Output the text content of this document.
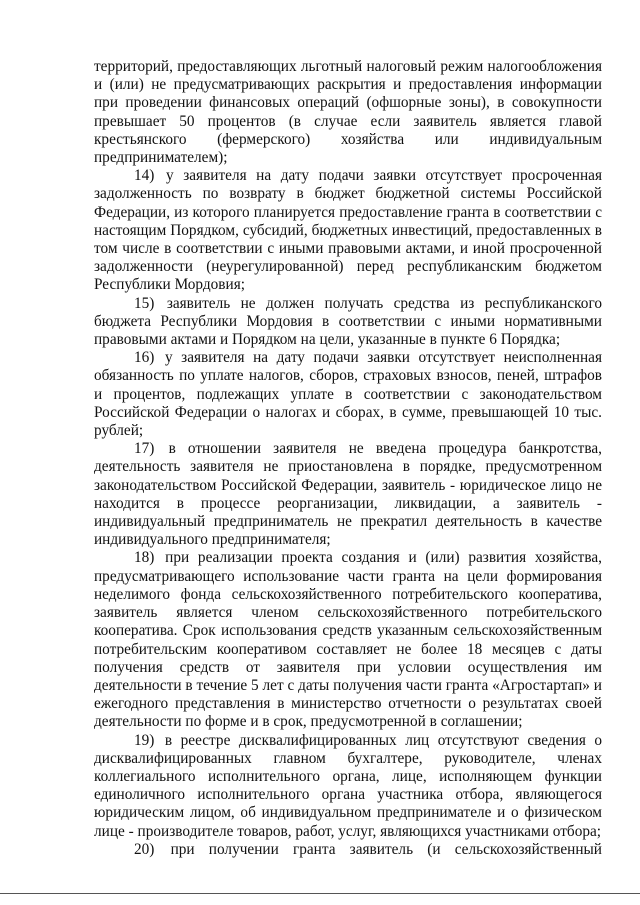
территорий, предоставляющих льготный налоговый режим налогообложения и (или) не предусматривающих раскрытия и предоставления информации при проведении финансовых операций (офшорные зоны), в совокупности превышает 50 процентов (в случае если заявитель является главой крестьянского (фермерского) хозяйства или индивидуальным предпринимателем);

14) у заявителя на дату подачи заявки отсутствует просроченная задолженность по возврату в бюджет бюджетной системы Российской Федерации, из которого планируется предоставление гранта в соответствии с настоящим Порядком, субсидий, бюджетных инвестиций, предоставленных в том числе в соответствии с иными правовыми актами, и иной просроченной задолженности (неурегулированной) перед республиканским бюджетом Республики Мордовия;

15) заявитель не должен получать средства из республиканского бюджета Республики Мордовия в соответствии с иными нормативными правовыми актами и Порядком на цели, указанные в пункте 6 Порядка;

16) у заявителя на дату подачи заявки отсутствует неисполненная обязанность по уплате налогов, сборов, страховых взносов, пеней, штрафов и процентов, подлежащих уплате в соответствии с законодательством Российской Федерации о налогах и сборах, в сумме, превышающей 10 тыс. рублей;

17) в отношении заявителя не введена процедура банкротства, деятельность заявителя не приостановлена в порядке, предусмотренном законодательством Российской Федерации, заявитель - юридическое лицо не находится в процессе реорганизации, ликвидации, а заявитель - индивидуальный предприниматель не прекратил деятельность в качестве индивидуального предпринимателя;

18) при реализации проекта создания и (или) развития хозяйства, предусматривающего использование части гранта на цели формирования неделимого фонда сельскохозяйственного потребительского кооператива, заявитель является членом сельскохозяйственного потребительского кооператива. Срок использования средств указанным сельскохозяйственным потребительским кооперативом составляет не более 18 месяцев с даты получения средств от заявителя при условии осуществления им деятельности в течение 5 лет с даты получения части гранта «Агростартап» и ежегодного представления в министерство отчетности о результатах своей деятельности по форме и в срок, предусмотренной в соглашении;

19) в реестре дисквалифицированных лиц отсутствуют сведения о дисквалифицированных главном бухгалтере, руководителе, членах коллегиального исполнительного органа, лице, исполняющем функции единоличного исполнительного органа участника отбора, являющегося юридическим лицом, об индивидуальном предпринимателе и о физическом лице - производителе товаров, работ, услуг, являющихся участниками отбора;

20) при получении гранта заявитель (и сельскохозяйственный
